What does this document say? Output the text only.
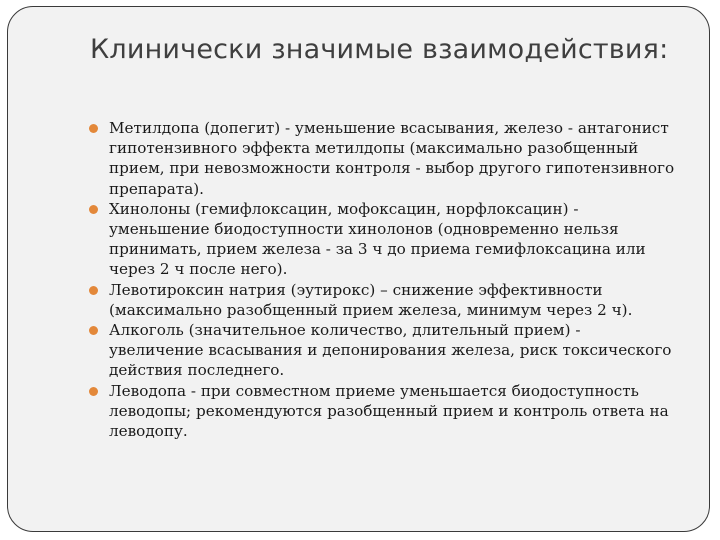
Клинически значимые взаимодействия:
Метилдопа (допегит) - уменьшение всасывания, железо - антагонист гипотензивного эффекта метилдопы (максимально разобщенный прием, при невозможности контроля - выбор другого гипотензивного препарата).
Хинолоны (гемифлоксацин, мофоксацин, норфлоксацин) - уменьшение биодоступности хинолонов (одновременно нельзя принимать, прием железа - за 3 ч до приема гемифлоксацина или через 2 ч после него).
Левотироксин натрия (эутирокс) – снижение эффективности (максимально разобщенный прием железа, минимум через 2 ч).
Алкоголь (значительное количество, длительный прием) - увеличение всасывания и депонирования железа, риск токсического действия последнего.
Леводопа - при совместном приеме уменьшается биодоступность леводопы; рекомендуются разобщенный прием и контроль ответа на леводопу.
